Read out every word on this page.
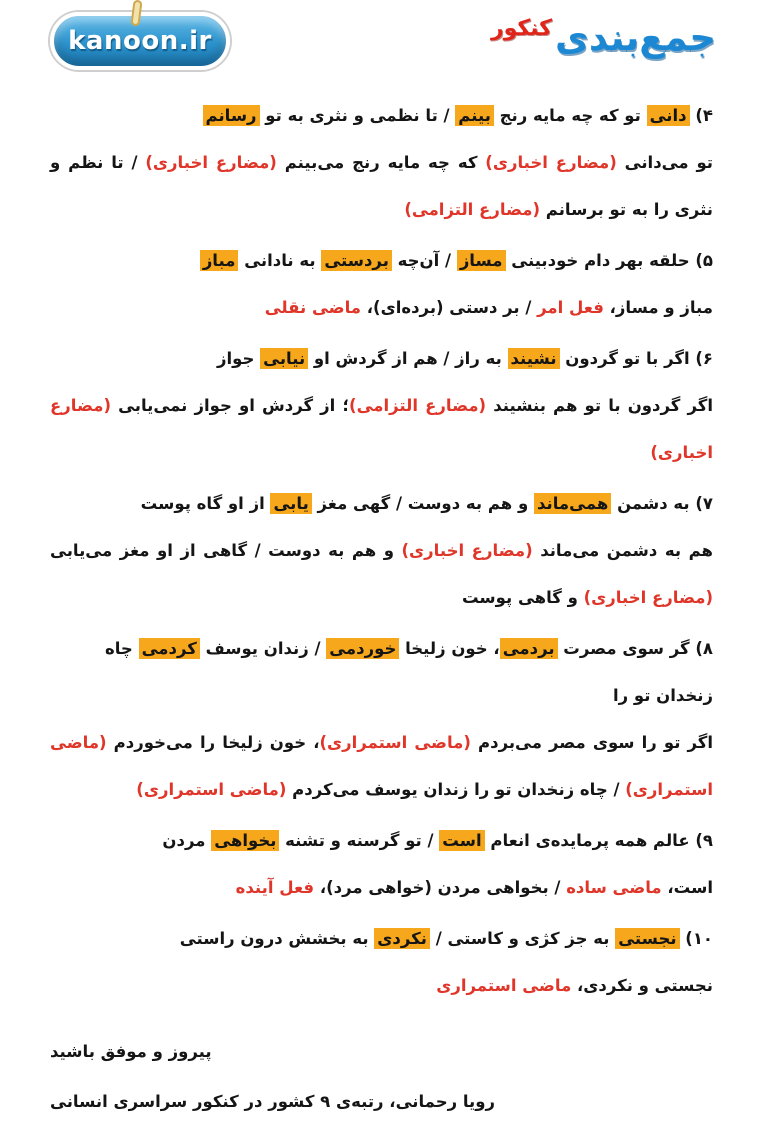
kanoon.ir	جمع‌بندی
کنکور

۴) دانی تو که چه مایه رنج بینم / تا نظمی و نثری به تو رسانم

تو می‌دانی (مضارع اخباری) که چه مایه رنج می‌بینم (مضارع اخباری) / تا نظم و نثری را به تو برسانم (مضارع التزامی)

۵) حلقه بهر دام خودبینی مساز / آن‌چه بردستی به نادانی مباز

مباز و مساز، فعل امر / بر دستی (برده‌ای)، ماضی نقلی

۶) اگر با تو گردون نشیند به راز / هم از گردش او نیابی جواز

اگر گردون با تو هم بنشیند (مضارع التزامی)؛ از گردش او جواز نمی‌یابی (مضارع اخباری)

۷) به دشمن همی‌ماند و هم به دوست / گهی مغز یابی از او گاه پوست

هم به دشمن می‌ماند (مضارع اخباری) و هم به دوست / گاهی از او مغز می‌یابی (مضارع اخباری) و گاهی پوست

۸) گر سوی مصرت بردمی، خون زلیخا خوردمی / زندان یوسف کردمی چاه زنخدان تو را

اگر تو را سوی مصر می‌بردم (ماضی استمراری)، خون زلیخا را می‌خوردم (ماضی استمراری) / چاه زنخدان تو را زندان یوسف می‌کردم (ماضی استمراری)

۹) عالم همه پرمایده‌ی انعام است / تو گرسنه و تشنه بخواهی مردن

است، ماضی ساده / بخواهی مردن (خواهی مرد)، فعل آینده

۱۰) نجستی به جز کژی و کاستی / نکردی به بخشش درون راستی

نجستی و نکردی، ماضی استمراری

پیروز و موفق باشید

رویا رحمانی، رتبه‌ی ۹ کشور در کنکور سراسری انسانی
